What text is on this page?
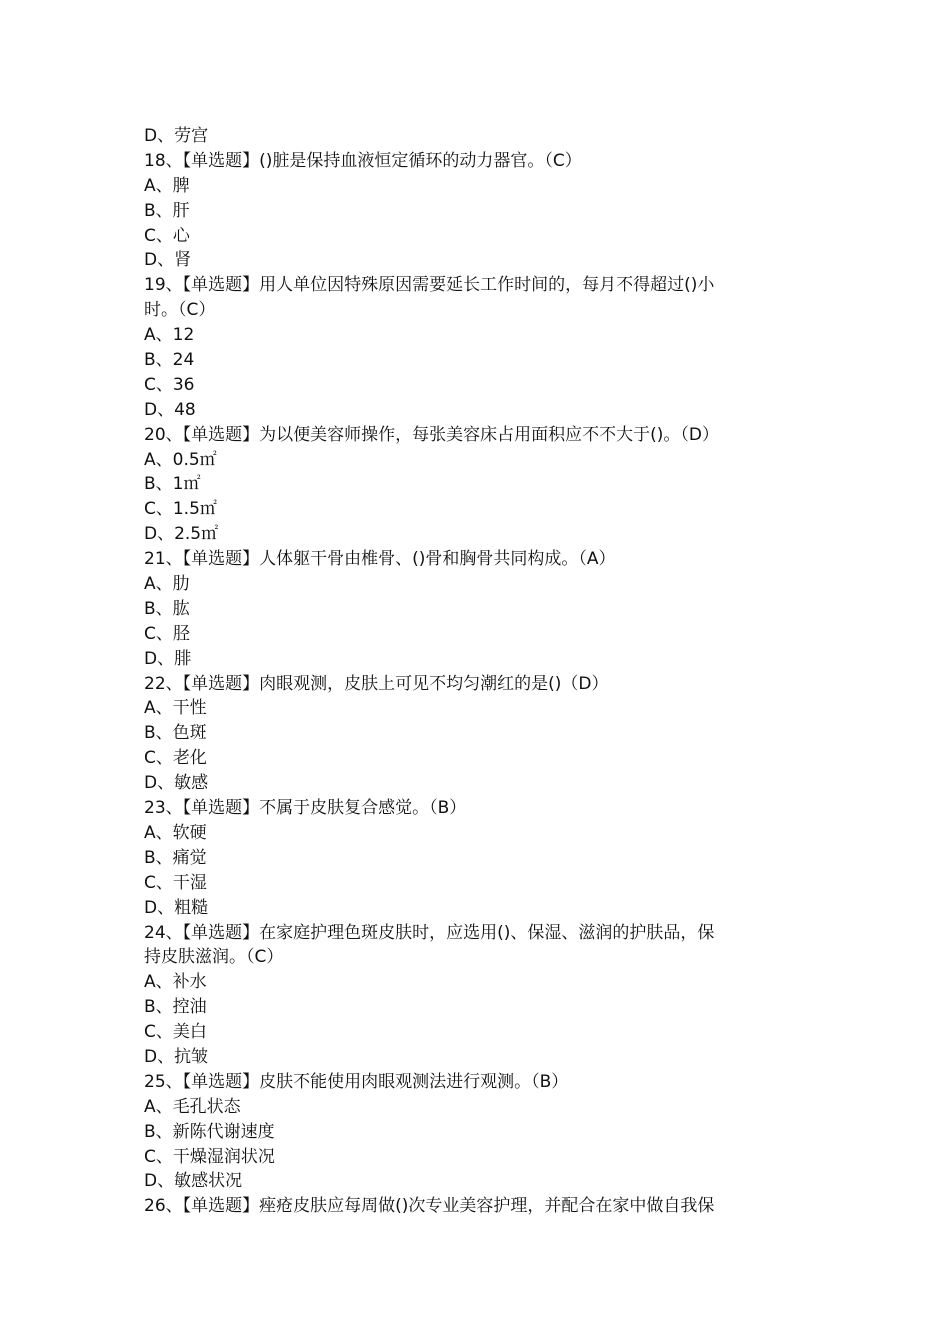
D、劳宫
18、【单选题】()脏是保持血液恒定循环的动力器官。（C）
A、脾
B、肝
C、心
D、肾
19、【单选题】用人单位因特殊原因需要延长工作时间的，每月不得超过()小
时。（C）
A、12
B、24
C、36
D、48
20、【单选题】为以便美容师操作，每张美容床占用面积应不不大于()。（D）
A、0.5㎡
B、1㎡
C、1.5㎡
D、2.5㎡
21、【单选题】人体躯干骨由椎骨、()骨和胸骨共同构成。（A）
A、肋
B、肱
C、胫
D、腓
22、【单选题】肉眼观测，皮肤上可见不均匀潮红的是()（D）
A、干性
B、色斑
C、老化
D、敏感
23、【单选题】不属于皮肤复合感觉。（B）
A、软硬
B、痛觉
C、干湿
D、粗糙
24、【单选题】在家庭护理色斑皮肤时，应选用()、保湿、滋润的护肤品，保
持皮肤滋润。（C）
A、补水
B、控油
C、美白
D、抗皱
25、【单选题】皮肤不能使用肉眼观测法进行观测。（B）
A、毛孔状态
B、新陈代谢速度
C、干燥湿润状况
D、敏感状况
26、【单选题】痤疮皮肤应每周做()次专业美容护理，并配合在家中做自我保
